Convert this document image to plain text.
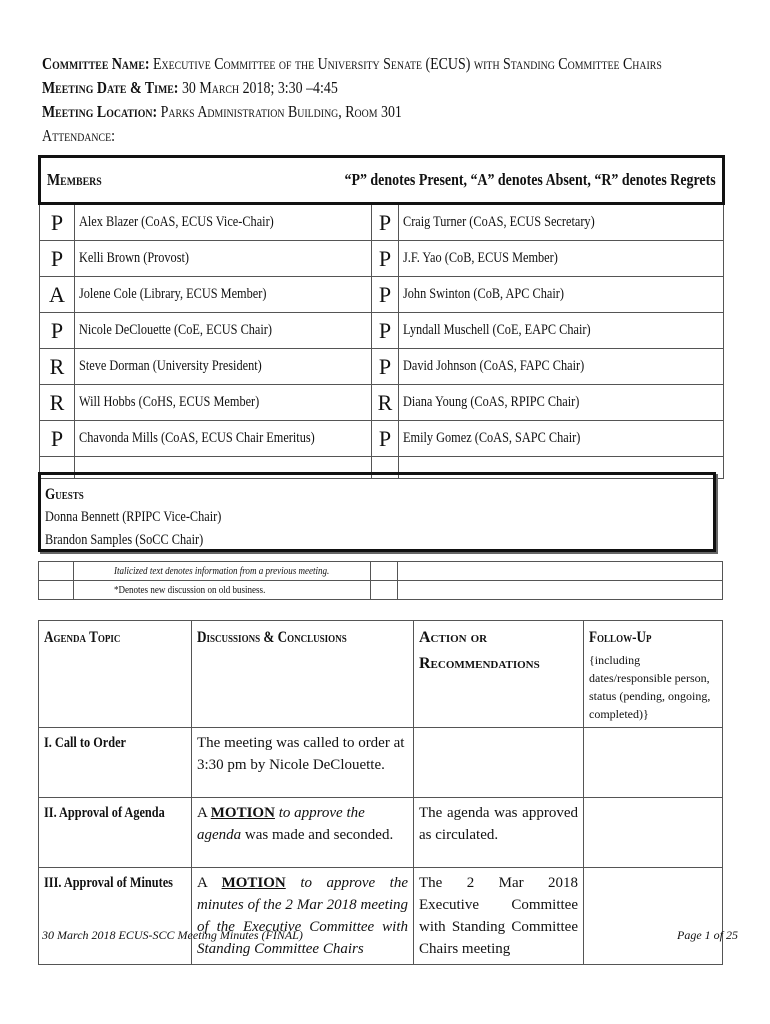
Committee Name: Executive Committee of the University Senate (ECUS) with Standing Committee Chairs
Meeting Date & Time: 30 March 2018; 3:30 –4:45
Meeting Location: Parks Administration Building, Room 301
Attendance:
Members “P” denotes Present, “A” denotes Absent, “R” denotes Regrets			

P	Alex Blazer (CoAS, ECUS Vice-Chair)	P	Craig Turner (CoAS, ECUS Secretary)
P	Kelli Brown (Provost)	P	J.F. Yao (CoB, ECUS Member)
A	Jolene Cole (Library, ECUS Member)	P	John Swinton (CoB, APC Chair)
P	Nicole DeClouette (CoE, ECUS Chair)	P	Lyndall Muschell (CoE, EAPC Chair)
R	Steve Dorman (University President)	P	David Johnson (CoAS, FAPC Chair)
R	Will Hobbs (CoHS, ECUS Member)	R	Diana Young (CoAS, RPIPC Chair)
P	Chavonda Mills (CoAS, ECUS Chair Emeritus)	P	Emily Gomez (CoAS, SAPC Chair)

Guests
Donna Bennett (RPIPC Vice-Chair)
Brandon Samples (SoCC Chair)
	Italicized text denotes information from a previous meeting.		
	*Denotes new discussion on old business.		
Agenda Topic	Discussions & Conclusions	Action or Recommendations	Follow-Up
{including dates/responsible person, status (pending, ongoing, completed)}

I. Call to Order	The meeting was called to order at 3:30 pm by Nicole DeClouette.		
II. Approval of Agenda	A MOTION to approve the agenda was made and seconded.	The agenda was approved as circulated.	
III. Approval of Minutes	A MOTION to approve the minutes of the 2 Mar 2018 meeting of the Executive Committee with Standing Committee Chairs	The 2 Mar 2018 Executive Committee with Standing Committee Chairs meeting	
30 March 2018 ECUS-SCC Meeting Minutes (FINAL)	Page 1 of 25
